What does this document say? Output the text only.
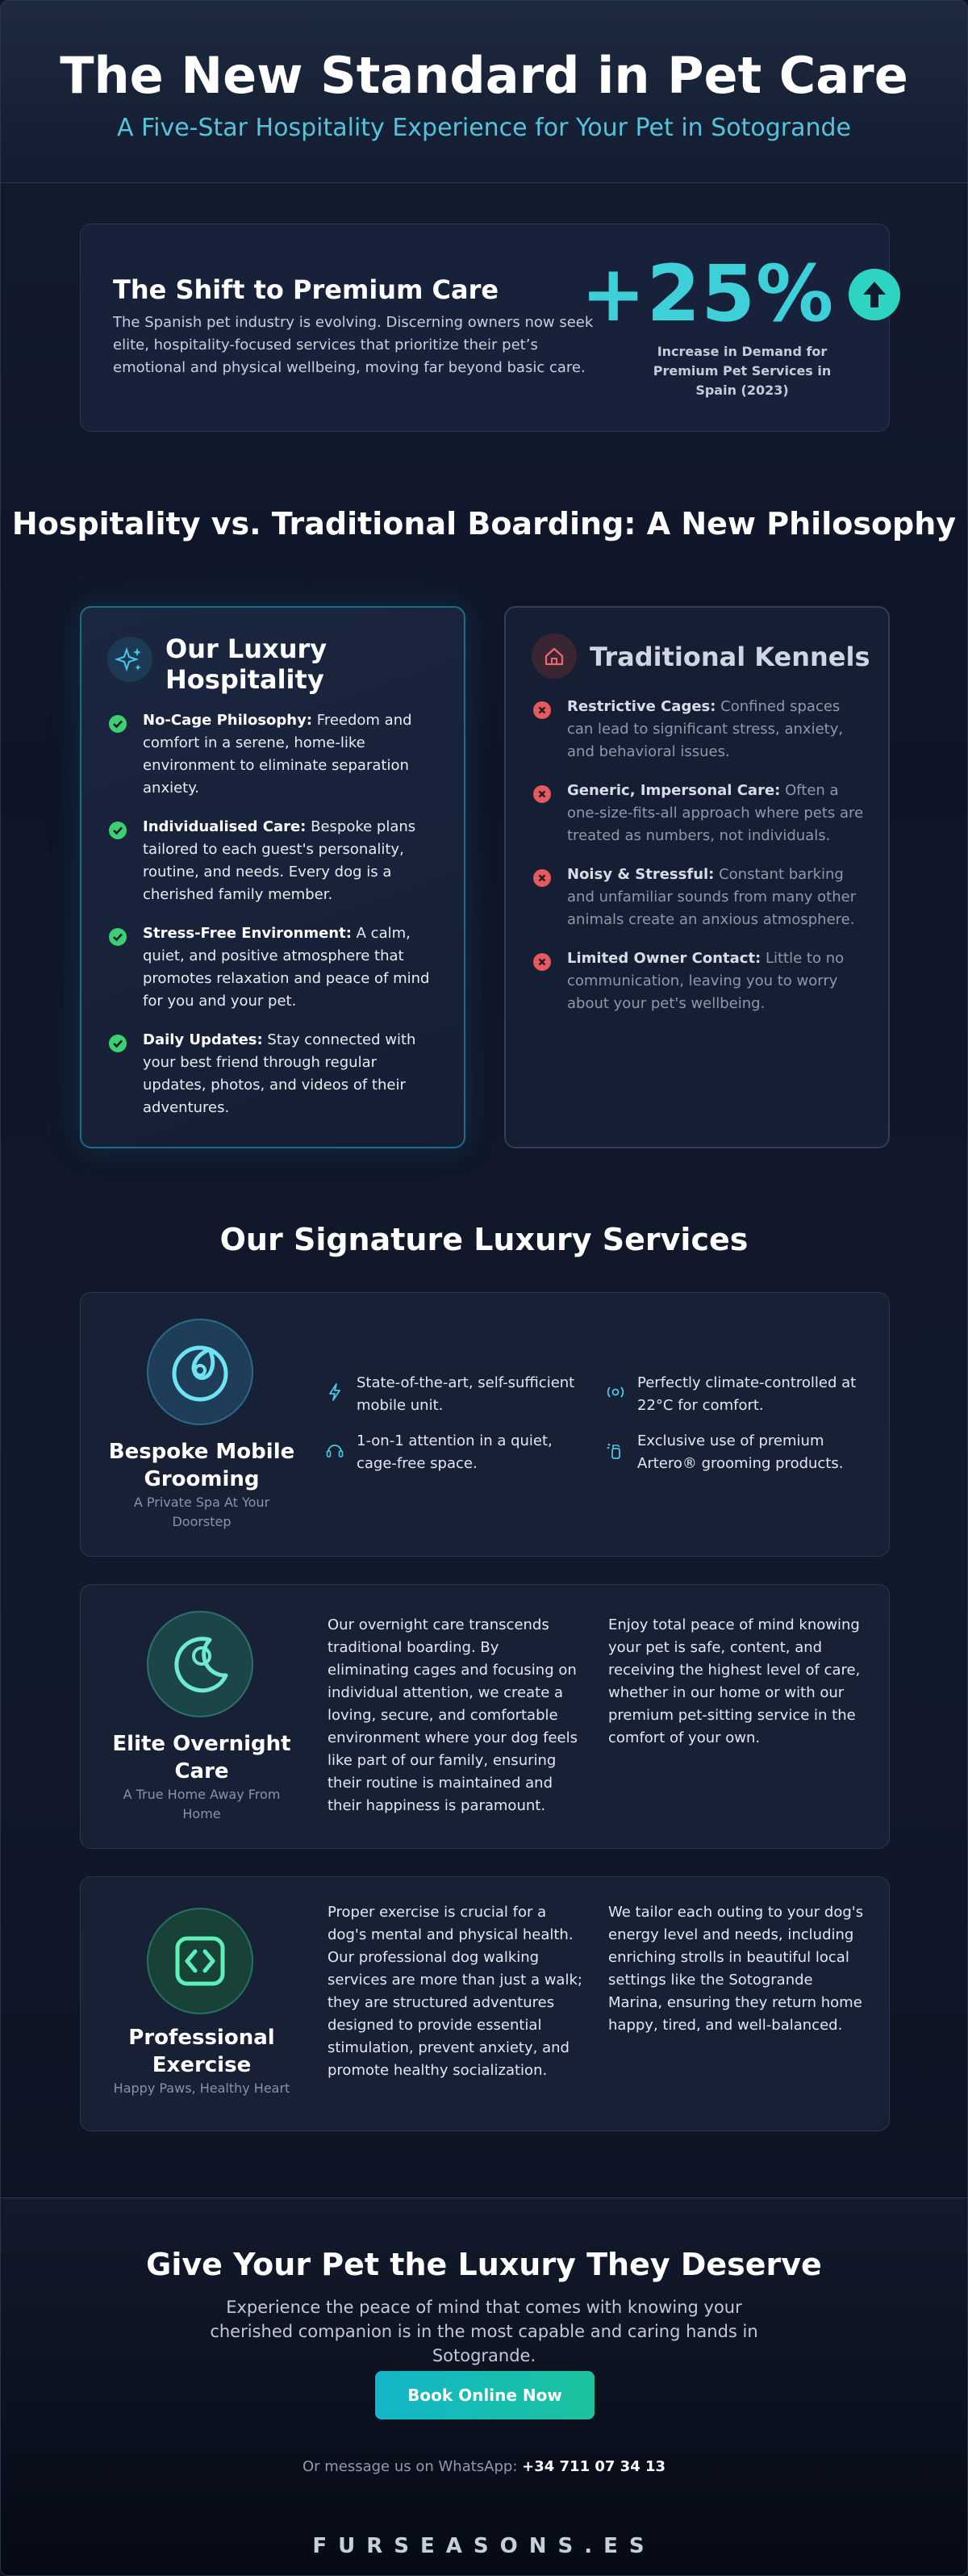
The New Standard in Pet Care

A Five-Star Hospitality Experience for Your Pet in Sotogrande

The Shift to Premium Care

The Spanish pet industry is evolving. Discerning owners now seek elite, hospitality-focused services that prioritize their pet’s emotional and physical wellbeing, moving far beyond basic care.

+25%

Increase in Demand for Premium Pet Services in Spain (2023)

Hospitality vs. Traditional Boarding: A New Philosophy
Our Luxury Hospitality

No-Cage Philosophy: Freedom and comfort in a serene, home-like environment to eliminate separation anxiety.

Individualised Care: Bespoke plans tailored to each guest's personality, routine, and needs. Every dog is a cherished family member.

Stress-Free Environment: A calm, quiet, and positive atmosphere that promotes relaxation and peace of mind for you and your pet.

Daily Updates: Stay connected with your best friend through regular updates, photos, and videos of their adventures.

Traditional Kennels

Restrictive Cages: Confined spaces can lead to significant stress, anxiety, and behavioral issues.

Generic, Impersonal Care: Often a one-size-fits-all approach where pets are treated as numbers, not individuals.

Noisy & Stressful: Constant barking and unfamiliar sounds from many other animals create an anxious atmosphere.

Limited Owner Contact: Little to no communication, leaving you to worry about your pet's wellbeing.

Our Signature Luxury Services
Bespoke Mobile Grooming
A Private Spa At Your Doorstep

State-of-the-art, self-sufficient mobile unit.

Perfectly climate-controlled at 22°C for comfort.

1-on-1 attention in a quiet, cage-free space.

Exclusive use of premium Artero® grooming products.

Elite Overnight Care
A True Home Away From Home

Our overnight care transcends traditional boarding. By eliminating cages and focusing on individual attention, we create a loving, secure, and comfortable environment where your dog feels like part of our family, ensuring their routine is maintained and their happiness is paramount.

Enjoy total peace of mind knowing your pet is safe, content, and receiving the highest level of care, whether in our home or with our premium pet-sitting service in the comfort of your own.

Professional Exercise
Happy Paws, Healthy Heart

Proper exercise is crucial for a dog's mental and physical health. Our professional dog walking services are more than just a walk; they are structured adventures designed to provide essential stimulation, prevent anxiety, and promote healthy socialization.

We tailor each outing to your dog's energy level and needs, including enriching strolls in beautiful local settings like the Sotogrande Marina, ensuring they return home happy, tired, and well-balanced.

Give Your Pet the Luxury They Deserve

Experience the peace of mind that comes with knowing your cherished companion is in the most capable and caring hands in Sotogrande.

Book Online Now

Or message us on WhatsApp: +34 711 07 34 13

FURSEASONS.ES
